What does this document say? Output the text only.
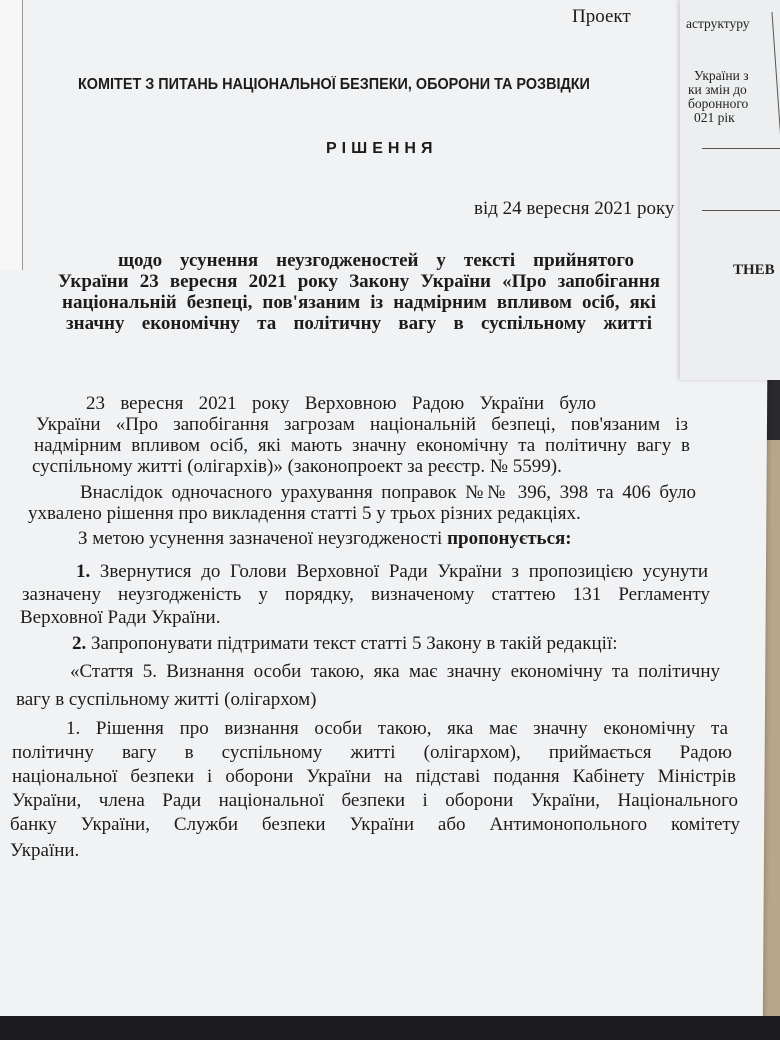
аструктуру
України з
ки змін до
боронного
021 рік
ТНЕВ
Проект
КОМІТЕТ З ПИТАНЬ НАЦІОНАЛЬНОЇ БЕЗПЕКИ, ОБОРОНИ ТА РОЗВІДКИ
РІШЕННЯ
від 24 вересня 2021 року
щодо усунення неузгодженостей у тексті прийнятого
України 23 вересня 2021 року Закону України «Про запобігання
національній безпеці, пов'язаним із надмірним впливом осіб, які
значну економічну та політичну вагу в суспільному житті
23 вересня 2021 року Верховною Радою України було
України «Про запобігання загрозам національній безпеці, пов'язаним із
надмірним впливом осіб, які мають значну економічну та політичну вагу в
суспільному житті (олігархів)» (законопроект за реєстр. № 5599).
Внаслідок одночасного урахування поправок №№ 396, 398 та 406 було
ухвалено рішення про викладення статті 5 у трьох різних редакціях.
«Стаття 5. Визнання особи такою, яка має значну економічну та політичну
вагу в суспільному житті (олігархом)
1. Рішення про визнання особи такою, яка має значну економічну та
політичну вагу в суспільному житті (олігархом), приймається Радою
національної безпеки і оборони України на підставі подання Кабінету Міністрів
України, члена Ради національної безпеки і оборони України, Національного
банку України, Служби безпеки України або Антимонопольного комітету
України.
З метою усунення зазначеної неузгодженості пропонується:
1. Звернутися до Голови Верховної Ради України з пропозицією усунути
зазначену неузгодженість у порядку, визначеному статтею 131 Регламенту
Верховної Ради України.
2. Запропонувати підтримати текст статті 5 Закону в такій редакції:
